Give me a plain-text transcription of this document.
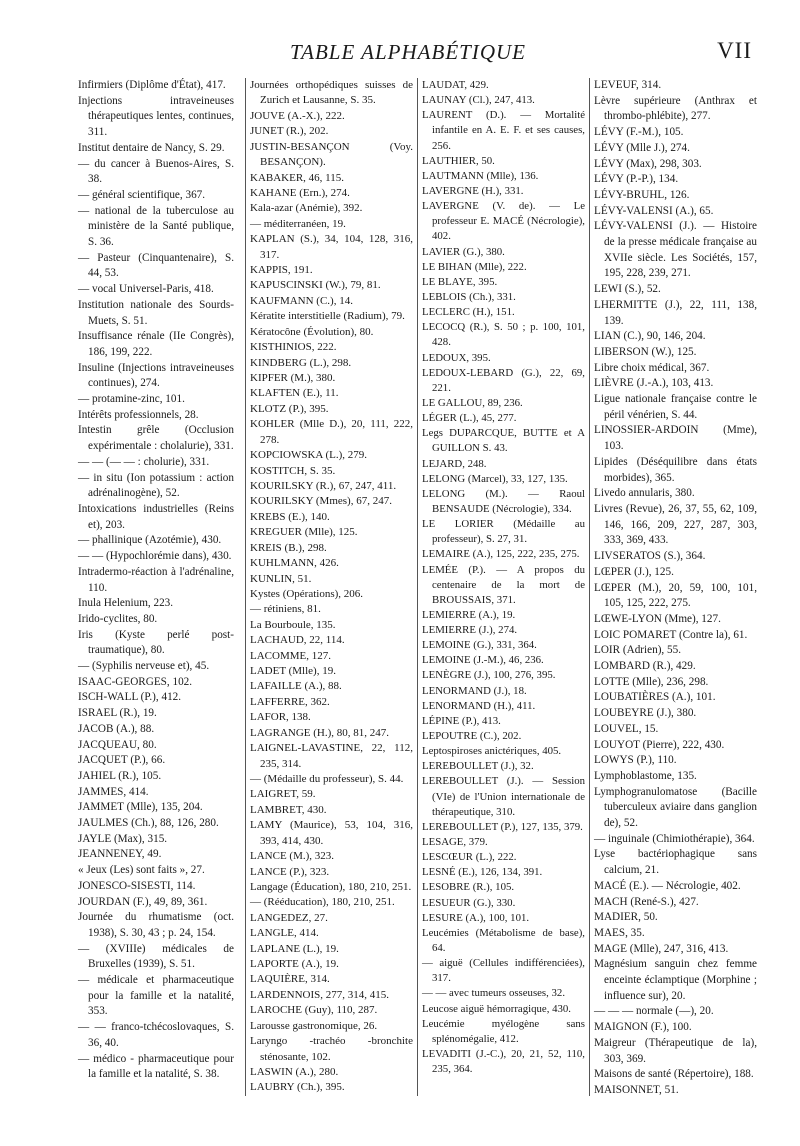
TABLE ALPHABÉTIQUE	VII

Infirmiers (Diplôme d'État), 417.

Injections intraveineuses thérapeutiques lentes, continues, 311.

Institut dentaire de Nancy, S. 29.

— du cancer à Buenos-Aires, S. 38.

— général scientifique, 367.

— national de la tuberculose au ministère de la Santé publique, S. 36.

— Pasteur (Cinquantenaire), S. 44, 53.

— vocal Universel-Paris, 418.

Institution nationale des Sourds-Muets, S. 51.

Insuffisance rénale (IIe Congrès), 186, 199, 222.

Insuline (Injections intraveineuses continues), 274.

— protamine-zinc, 101.

Intérêts professionnels, 28.

Intestin grêle (Occlusion expérimentale : cholalurie), 331.

— — (— — : cholurie), 331.

— in situ (Ion potassium : action adrénalinogène), 52.

Intoxications industrielles (Reins et), 203.

— phallinique (Azotémie), 430.

— — (Hypochlorémie dans), 430.

Intradermo-réaction à l'adrénaline, 110.

Inula Helenium, 223.

Irido-cyclites, 80.

Iris (Kyste perlé post-traumatique), 80.

— (Syphilis nerveuse et), 45.

ISAAC-GEORGES, 102.

ISCH-WALL (P.), 412.

ISRAEL (R.), 19.

JACOB (A.), 88.

JACQUEAU, 80.

JACQUET (P.), 66.

JAHIEL (R.), 105.

JAMMES, 414.

JAMMET (Mlle), 135, 204.

JAULMES (Ch.), 88, 126, 280.

JAYLE (Max), 315.

JEANNENEY, 49.

« Jeux (Les) sont faits », 27.

JONESCO-SISESTI, 114.

JOURDAN (F.), 49, 89, 361.

Journée du rhumatisme (oct. 1938), S. 30, 43 ; p. 24, 154.

— (XVIIIe) médicales de Bruxelles (1939), S. 51.

— médicale et pharmaceutique pour la famille et la natalité, 353.

— — franco-tchécoslovaques, S. 36, 40.

— médico - pharmaceutique pour la famille et la natalité, S. 38.

Journées orthopédiques suisses de Zurich et Lausanne, S. 35.

JOUVE (A.-X.), 222.

JUNET (R.), 202.

JUSTIN-BESANÇON (Voy. BESANÇON).

KABAKER, 46, 115.

KAHANE (Ern.), 274.

Kala-azar (Anémie), 392.

— méditerranéen, 19.

KAPLAN (S.), 34, 104, 128, 316, 317.

KAPPIS, 191.

KAPUSCINSKI (W.), 79, 81.

KAUFMANN (C.), 14.

Kératite interstitielle (Radium), 79.

Kératocône (Évolution), 80.

KISTHINIOS, 222.

KINDBERG (L.), 298.

KIPFER (M.), 380.

KLAFTEN (E.), 11.

KLOTZ (P.), 395.

KOHLER (Mlle D.), 20, 111, 222, 278.

KOPCIOWSKA (L.), 279.

KOSTITCH, S. 35.

KOURILSKY (R.), 67, 247, 411.

KOURILSKY (Mmes), 67, 247.

KREBS (E.), 140.

KREGUER (Mlle), 125.

KREIS (B.), 298.

KUHLMANN, 426.

KUNLIN, 51.

Kystes (Opérations), 206.

— rétiniens, 81.

La Bourboule, 135.

LACHAUD, 22, 114.

LACOMME, 127.

LADET (Mlle), 19.

LAFAILLE (A.), 88.

LAFFERRE, 362.

LAFOR, 138.

LAGRANGE (H.), 80, 81, 247.

LAIGNEL-LAVASTINE, 22, 112, 235, 314.

— (Médaille du professeur), S. 44.

LAIGRET, 59.

LAMBRET, 430.

LAMY (Maurice), 53, 104, 316, 393, 414, 430.

LANCE (M.), 323.

LANCE (P.), 323.

Langage (Éducation), 180, 210, 251.

— (Rééducation), 180, 210, 251.

LANGEDEZ, 27.

LANGLE, 414.

LAPLANE (L.), 19.

LAPORTE (A.), 19.

LAQUIÈRE, 314.

LARDENNOIS, 277, 314, 415.

LAROCHE (Guy), 110, 287.

Larousse gastronomique, 26.

Laryngo -trachéo -bronchite sténosante, 102.

LASWIN (A.), 280.

LAUBRY (Ch.), 395.

LAUDAT, 429.

LAUNAY (Cl.), 247, 413.

LAURENT (D.). — Mortalité infantile en A. E. F. et ses causes, 256.

LAUTHIER, 50.

LAUTMANN (Mlle), 136.

LAVERGNE (H.), 331.

LAVERGNE (V. de). — Le professeur E. MACÉ (Nécrologie), 402.

LAVIER (G.), 380.

LE BIHAN (Mlle), 222.

LE BLAYE, 395.

LEBLOIS (Ch.), 331.

LECLERC (H.), 151.

LECOCQ (R.), S. 50 ; p. 100, 101, 428.

LEDOUX, 395.

LEDOUX-LEBARD (G.), 22, 69, 221.

LE GALLOU, 89, 236.

LÉGER (L.), 45, 277.

Legs DUPARCQUE, BUTTE et A GUILLON S. 43.

LEJARD, 248.

LELONG (Marcel), 33, 127, 135.

LELONG (M.). — Raoul BENSAUDE (Nécrologie), 334.

LE LORIER (Médaille au professeur), S. 27, 31.

LEMAIRE (A.), 125, 222, 235, 275.

LEMÉE (P.). — A propos du centenaire de la mort de BROUSSAIS, 371.

LEMIERRE (A.), 19.

LEMIERRE (J.), 274.

LEMOINE (G.), 331, 364.

LEMOINE (J.-M.), 46, 236.

LENÈGRE (J.), 100, 276, 395.

LENORMAND (J.), 18.

LENORMAND (H.), 411.

LÉPINE (P.), 413.

LEPOUTRE (C.), 202.

Leptospiroses anictériques, 405.

LEREBOULLET (J.), 32.

LEREBOULLET (J.). — Session (VIe) de l'Union internationale de thérapeutique, 310.

LEREBOULLET (P.), 127, 135, 379.

LESAGE, 379.

LESCŒUR (L.), 222.

LESNÉ (E.), 126, 134, 391.

LESOBRE (R.), 105.

LESUEUR (G.), 330.

LESURE (A.), 100, 101.

Leucémies (Métabolisme de base), 64.

— aiguë (Cellules indifférenciées), 317.

— — avec tumeurs osseuses, 32.

Leucose aiguë hémorragique, 430.

Leucémie myélogène sans splénomégalie, 412.

LEVADITI (J.-C.), 20, 21, 52, 110, 235, 364.

LEVEUF, 314.

Lèvre supérieure (Anthrax et thrombo-phlébite), 277.

LÉVY (F.-M.), 105.

LÉVY (Mlle J.), 274.

LÉVY (Max), 298, 303.

LÉVY (P.-P.), 134.

LÉVY-BRUHL, 126.

LÉVY-VALENSI (A.), 65.

LÉVY-VALENSI (J.). — Histoire de la presse médicale française au XVIIe siècle. Les Sociétés, 157, 195, 228, 239, 271.

LEWI (S.), 52.

LHERMITTE (J.), 22, 111, 138, 139.

LIAN (C.), 90, 146, 204.

LIBERSON (W.), 125.

Libre choix médical, 367.

LIÈVRE (J.-A.), 103, 413.

Ligue nationale française contre le péril vénérien, S. 44.

LINOSSIER-ARDOIN (Mme), 103.

Lipides (Déséquilibre dans états morbides), 365.

Livedo annularis, 380.

Livres (Revue), 26, 37, 55, 62, 109, 146, 166, 209, 227, 287, 303, 333, 369, 433.

LIVSERATOS (S.), 364.

LŒPER (J.), 125.

LŒPER (M.), 20, 59, 100, 101, 105, 125, 222, 275.

LŒWE-LYON (Mme), 127.

LOIC POMARET (Contre la), 61.

LOIR (Adrien), 55.

LOMBARD (R.), 429.

LOTTE (Mlle), 236, 298.

LOUBATIÈRES (A.), 101.

LOUBEYRE (J.), 380.

LOUVEL, 15.

LOUYOT (Pierre), 222, 430.

LOWYS (P.), 110.

Lymphoblastome, 135.

Lymphogranulomatose (Bacille tuberculeux aviaire dans ganglion de), 52.

— inguinale (Chimiothérapie), 364.

Lyse bactériophagique sans calcium, 21.

MACÉ (E.). — Nécrologie, 402.

MACH (René-S.), 427.

MADIER, 50.

MAES, 35.

MAGE (Mlle), 247, 316, 413.

Magnésium sanguin chez femme enceinte éclamptique (Morphine ; influence sur), 20.

— — — normale (—), 20.

MAIGNON (F.), 100.

Maigreur (Thérapeutique de la), 303, 369.

Maisons de santé (Répertoire), 188.

MAISONNET, 51.
